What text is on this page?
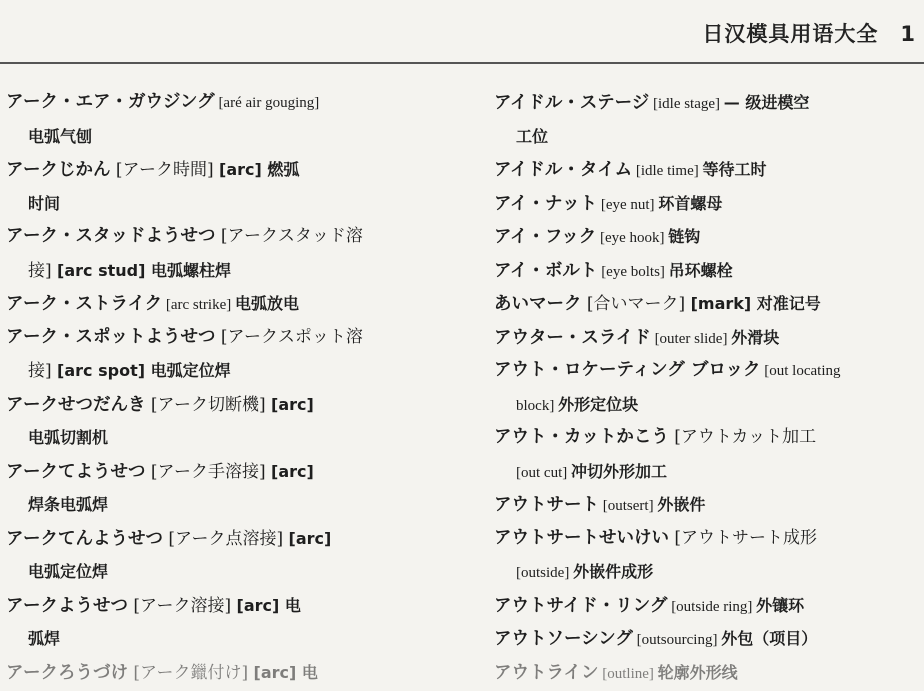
日汉模具用语大全 1
アーク・エア・ガウジング [aré air gouging]
电弧气刨
アークじかん [アーク時間] [arc] 燃弧
时间
アーク・スタッドようせつ [アークスタッド溶
接] [arc stud] 电弧螺柱焊
アーク・ストライク [arc strike] 电弧放电
アーク・スポットようせつ [アークスポット溶
接] [arc spot] 电弧定位焊
アークせつだんき [アーク切断機] [arc]
电弧切割机
アークてようせつ [アーク手溶接] [arc]
焊条电弧焊
アークてんようせつ [アーク点溶接] [arc]
电弧定位焊
アークようせつ [アーク溶接] [arc] 电
弧焊
アークろうづけ [アーク鑞付け] [arc] 电
アイドル・ステージ [idle stage] — 级进模空
工位
アイドル・タイム [idle time] 等待工时
アイ・ナット [eye nut] 环首螺母
アイ・フック [eye hook] 链钩
アイ・ボルト [eye bolts] 吊环螺栓
あいマーク [合いマーク] [mark] 对准记号
アウター・スライド [outer slide] 外滑块
アウト・ロケーティング ブロック [out locating
block] 外形定位块
アウト・カットかこう [アウトカット加工
[out cut] 冲切外形加工
アウトサート [outsert] 外嵌件
アウトサートせいけい [アウトサート成形
[outside] 外嵌件成形
アウトサイド・リング [outside ring] 外镶环
アウトソーシング [outsourcing] 外包（项目）
アウトライン [outline] 轮廓外形线
